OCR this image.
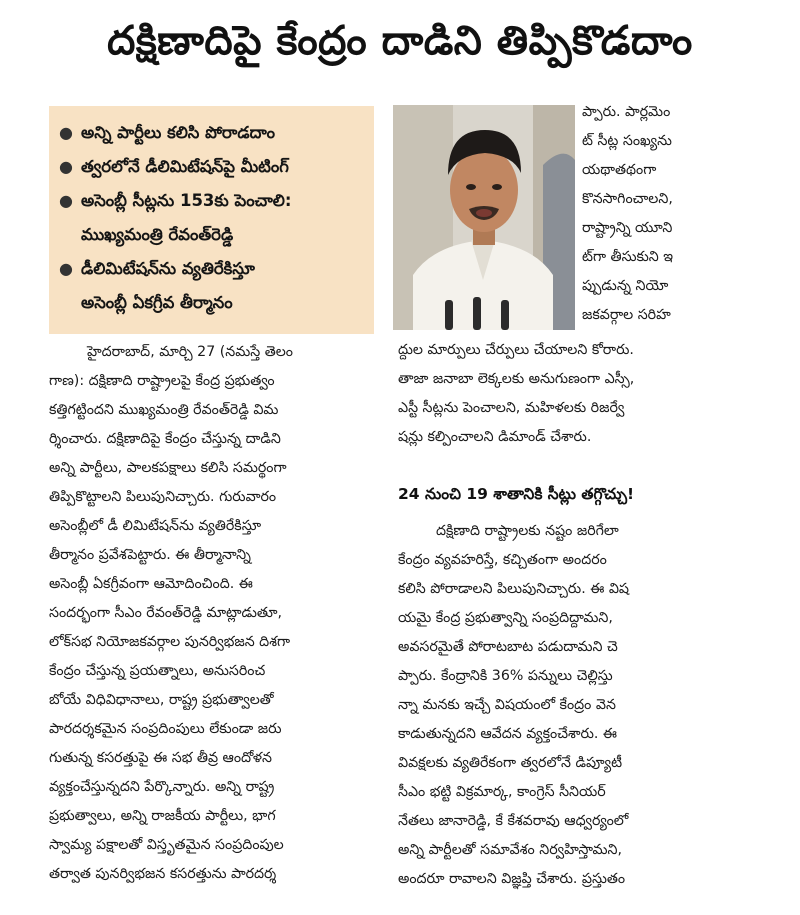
దక్షిణాదిపై కేంద్రం దాడిని తిప్పికొడదాం
● అన్ని పార్టీలు కలిసి పోరాడదాం
● త్వరలోనే డీలిమిటేషన్‌పై మీటింగ్
● అసెంబ్లీ సీట్లను 153కు పెంచాలి:
ముఖ్యమంత్రి రేవంత్‌రెడ్డి
● డీలిమిటేషన్‌ను వ్యతిరేకిస్తూ
అసెంబ్లీ ఏకగ్రీవ తీర్మానం
ప్పారు. పార్లమెం
ట్ సీట్ల సంఖ్యను
యథాతథంగా
కొనసాగించాలని,
రాష్ట్రాన్ని యూని
ట్‌గా తీసుకుని ఇ
ప్పుడున్న నియో
జకవర్గాల సరిహ
ద్దుల మార్పులు చేర్పులు చేయాలని కోరారు.
తాజా జనాబా లెక్కలకు అనుగుణంగా ఎస్సీ,
ఎస్టీ సీట్లను పెంచాలని, మహిళలకు రిజర్వే
షన్లు కల్పించాలని డిమాండ్ చేశారు.
24 నుంచి 19 శాతానికి సీట్లు తగ్గొచ్చు!
దక్షిణాది రాష్ట్రాలకు నష్టం జరిగేలా
కేంద్రం వ్యవహరిస్తే, కచ్చితంగా అందరం
కలిసి పోరాడాలని పిలుపునిచ్చారు. ఈ విష
యమై కేంద్ర ప్రభుత్వాన్ని సంప్రదిద్దామని,
అవసరమైతే పోరాటబాట పడుదామని చె
ప్పారు. కేంద్రానికి 36% పన్నులు చెల్లిస్తు
న్నా మనకు ఇచ్చే విషయంలో కేంద్రం వెన
కాడుతున్నదని ఆవేదన వ్యక్తంచేశారు. ఈ
వివక్షలకు వ్యతిరేకంగా త్వరలోనే డిప్యూటీ
సీఎం భట్టి విక్రమార్క, కాంగ్రెస్ సీనియర్
నేతలు జానారెడ్డి, కే కేశవరావు ఆధ్వర్యంలో
అన్ని పార్టీలతో సమావేశం నిర్వహిస్తామని,
అందరూ రావాలని విజ్ఞప్తి చేశారు. ప్రస్తుతం
హైదరాబాద్, మార్చి 27 (నమస్తే తెలం
గాణ): దక్షిణాది రాష్ట్రాలపై కేంద్ర ప్రభుత్వం
కత్తిగట్టిందని ముఖ్యమంత్రి రేవంత్‌రెడ్డి విమ
ర్శించారు. దక్షిణాదిపై కేంద్రం చేస్తున్న దాడిని
అన్ని పార్టీలు, పాలకపక్షాలు కలిసి సమర్థంగా
తిప్పికొట్టాలని పిలుపునిచ్చారు. గురువారం
అసెంబ్లీలో డీ లిమిటేషన్‌ను వ్యతిరేకిస్తూ
తీర్మానం ప్రవేశపెట్టారు. ఈ తీర్మానాన్ని
అసెంబ్లీ ఏకగ్రీవంగా ఆమోదించింది. ఈ
సందర్భంగా సీఎం రేవంత్‌రెడ్డి మాట్లాడుతూ,
లోక్‌సభ నియోజకవర్గాల పునర్విభజన దిశగా
కేంద్రం చేస్తున్న ప్రయత్నాలు, అనుసరించ
బోయే విధివిధానాలు, రాష్ట్ర ప్రభుత్వాలతో
పారదర్శకమైన సంప్రదింపులు లేకుండా జరు
గుతున్న కసరత్తుపై ఈ సభ తీవ్ర ఆందోళన
వ్యక్తంచేస్తున్నదని పేర్కొన్నారు. అన్ని రాష్ట్ర
ప్రభుత్వాలు, అన్ని రాజకీయ పార్టీలు, భాగ
స్వామ్య పక్షాలతో విస్తృతమైన సంప్రదింపుల
తర్వాత పునర్విభజన కసరత్తును పారదర్శ
